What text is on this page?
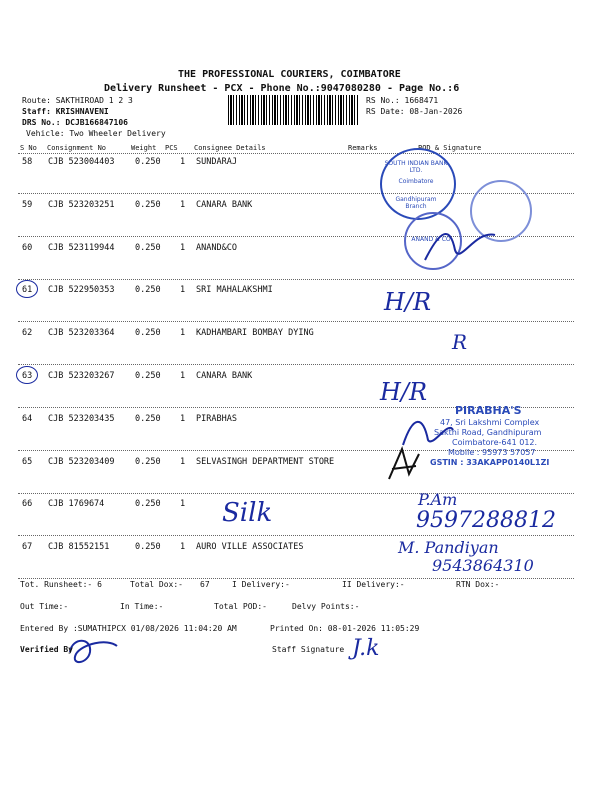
THE PROFESSIONAL COURIERS, COIMBATORE
Delivery Runsheet - PCX - Phone No.:9047080280 - Page No.:6
Route: SAKTHIROAD 1 2 3
Staff: KRISHNAVENI
DRS No.: DCJB166847106
Vehicle: Two Wheeler Delivery
RS No.: 1668471
RS Date: 08-Jan-2026
S No Consignment No	Weight PCS Consignee Details	Remarks	POD & Signature
58 CJB 523004403 0.250 1 SUNDARAJ
59 CJB 523203251 0.250 1 CANARA BANK
60 CJB 523119944 0.250 1 ANAND&CO
61 CJB 522950353 0.250 1 SRI MAHALAKSHMI
62 CJB 523203364 0.250 1 KADHAMBARI BOMBAY DYING
63 CJB 523203267 0.250 1 CANARA BANK
64 CJB 523203435 0.250 1 PIRABHAS
65 CJB 523203409 0.250 1 SELVASINGH DEPARTMENT STORE
66 CJB 1769674	0.250 1
67 CJB 81552151	0.250 1 AURO VILLE ASSOCIATES
SOUTH INDIAN BANK LTD.
Coimbatore
Gandhipuram Branch
ANAND & CO
PIRABHA'S
47, Sri Lakshmi Complex
Sakthi Road, Gandhipuram
Coimbatore-641 012.
Mobile : 95973 57057
GSTIN : 33AKAPP0140L1ZI
H/R
R
H/R
Silk	P.Am
9597288812
M. Pandiyan
9543864310
J.k
Tot. Runsheet:- 6	Total Dox:- 67	I Delivery:-	II Delivery:-	RTN Dox:-
Out Time:-	In Time:-	Total POD:-	Delvy Points:-
Entered By :SUMATHIPCX 01/08/2026 11:04:20 AM	Printed On: 08-01-2026 11:05:29
Verified By	Staff Signature
